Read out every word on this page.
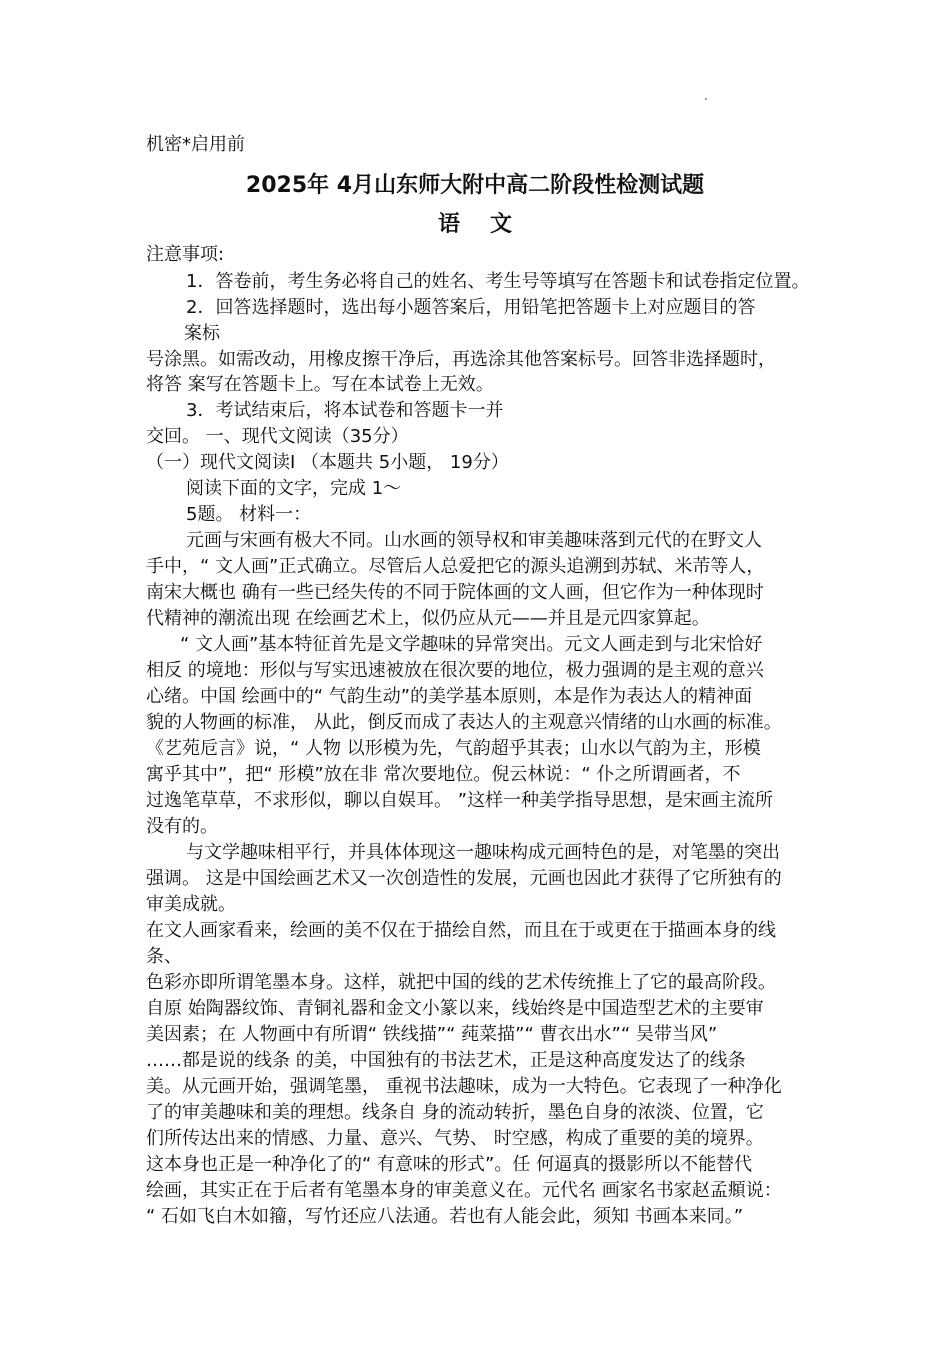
机密*启用前
2025年 4月山东师大附中高二阶段性检测试题
语文
注意事项:
1．答卷前，考生务必将自己的姓名、考生号等填写在答题卡和试卷指定位置。
2．回答选择题时，选出每小题答案后，用铅笔把答题卡上对应题目的答
案标
号涂黑。如需改动，用橡皮擦干净后，再选涂其他答案标号。回答非选择题时，
将答 案写在答题卡上。写在本试卷上无效。
3．考试结束后，将本试卷和答题卡一并
交回。 一、现代文阅读（35分）
（一）现代文阅读Ⅰ （本题共 5小题， 19分）
阅读下面的文字，完成 1～
5题。 材料一：
元画与宋画有极大不同。山水画的领导权和审美趣味落到元代的在野文人
手中，“ 文人画”正式确立。尽管后人总爱把它的源头追溯到苏轼、米芾等人，
南宋大概也 确有一些已经失传的不同于院体画的文人画，但它作为一种体现时
代精神的潮流出现 在绘画艺术上，似仍应从元——并且是元四家算起。
“ 文人画”基本特征首先是文学趣味的异常突出。元文人画走到与北宋恰好
相反 的境地：形似与写实迅速被放在很次要的地位，极力强调的是主观的意兴
心绪。中国 绘画中的“ 气韵生动”的美学基本原则，本是作为表达人的精神面
貌的人物画的标准， 从此，倒反而成了表达人的主观意兴情绪的山水画的标准。
《艺苑卮言》说，“ 人物 以形模为先，气韵超乎其表；山水以气韵为主，形模
寓乎其中”，把“ 形模”放在非 常次要地位。倪云林说：“ 仆之所谓画者，不
过逸笔草草，不求形似，聊以自娱耳。 ”这样一种美学指导思想，是宋画主流所
没有的。
与文学趣味相平行，并具体体现这一趣味构成元画特色的是，对笔墨的突出
强调。 这是中国绘画艺术又一次创造性的发展，元画也因此才获得了它所独有的
审美成就。
在文人画家看来，绘画的美不仅在于描绘自然，而且在于或更在于描画本身的线
条、
色彩亦即所谓笔墨本身。这样，就把中国的线的艺术传统推上了它的最高阶段。
自原 始陶器纹饰、青铜礼器和金文小篆以来，线始终是中国造型艺术的主要审
美因素；在 人物画中有所谓“ 铁线描”“ 莼菜描”“ 曹衣出水”“ 吴带当风”
……都是说的线条 的美，中国独有的书法艺术，正是这种高度发达了的线条
美。从元画开始，强调笔墨， 重视书法趣味，成为一大特色。它表现了一种净化
了的审美趣味和美的理想。线条自 身的流动转折，墨色自身的浓淡、位置，它
们所传达出来的情感、力量、意兴、气势、 时空感，构成了重要的美的境界。
这本身也正是一种净化了的“ 有意味的形式”。任 何逼真的摄影所以不能替代
绘画，其实正在于后者有笔墨本身的审美意义在。元代名 画家名书家赵孟頫说：
“ 石如飞白木如籀，写竹还应八法通。若也有人能会此，须知 书画本来同。”
